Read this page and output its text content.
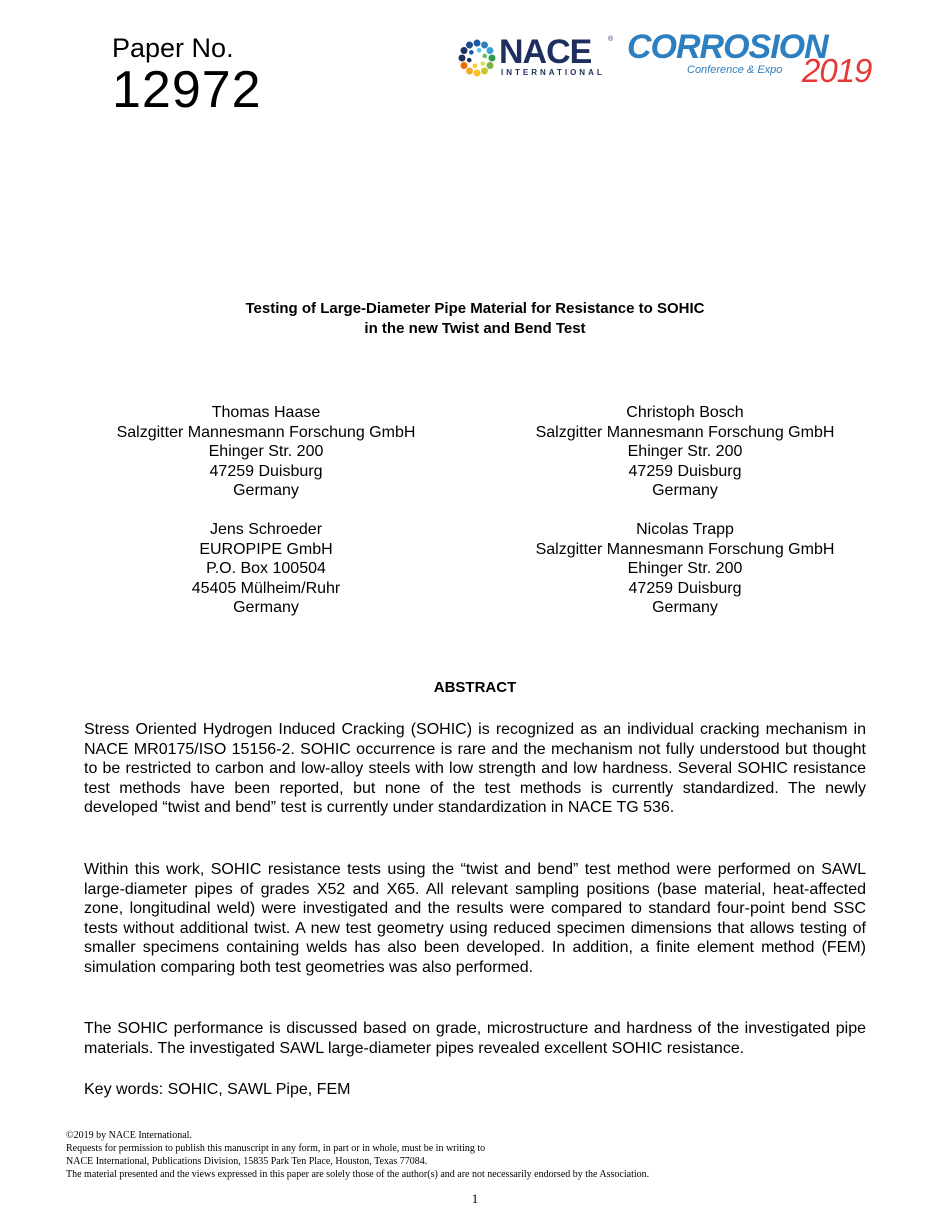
Paper No.
12972
NACE ®
INTERNATIONAL
CORROSION
Conference & Expo 2019
Testing of Large-Diameter Pipe Material for Resistance to SOHIC
in the new Twist and Bend Test
Thomas Haase
Salzgitter Mannesmann Forschung GmbH
Ehinger Str. 200
47259 Duisburg
Germany
Christoph Bosch
Salzgitter Mannesmann Forschung GmbH
Ehinger Str. 200
47259 Duisburg
Germany
Jens Schroeder
EUROPIPE GmbH
P.O. Box 100504
45405 Mülheim/Ruhr
Germany
Nicolas Trapp
Salzgitter Mannesmann Forschung GmbH
Ehinger Str. 200
47259 Duisburg
Germany
ABSTRACT

Stress Oriented Hydrogen Induced Cracking (SOHIC) is recognized as an individual cracking mechanism in NACE MR0175/ISO 15156-2. SOHIC occurrence is rare and the mechanism not fully understood but thought to be restricted to carbon and low-alloy steels with low strength and low hardness. Several SOHIC resistance test methods have been reported, but none of the test methods is currently standardized. The newly developed “twist and bend” test is currently under standardization in NACE TG 536.

Within this work, SOHIC resistance tests using the “twist and bend” test method were performed on SAWL large-diameter pipes of grades X52 and X65. All relevant sampling positions (base material, heat-affected zone, longitudinal weld) were investigated and the results were compared to standard four-point bend SSC tests without additional twist. A new test geometry using reduced specimen dimensions that allows testing of smaller specimens containing welds has also been developed. In addition, a finite element method (FEM) simulation comparing both test geometries was also performed.

The SOHIC performance is discussed based on grade, microstructure and hardness of the investigated pipe materials. The investigated SAWL large-diameter pipes revealed excellent SOHIC resistance.

Key words: SOHIC, SAWL Pipe, FEM

©2019 by NACE International.
Requests for permission to publish this manuscript in any form, in part or in whole, must be in writing to
NACE International, Publications Division, 15835 Park Ten Place, Houston, Texas 77084.
The material presented and the views expressed in this paper are solely those of the author(s) and are not necessarily endorsed by the Association.
1
